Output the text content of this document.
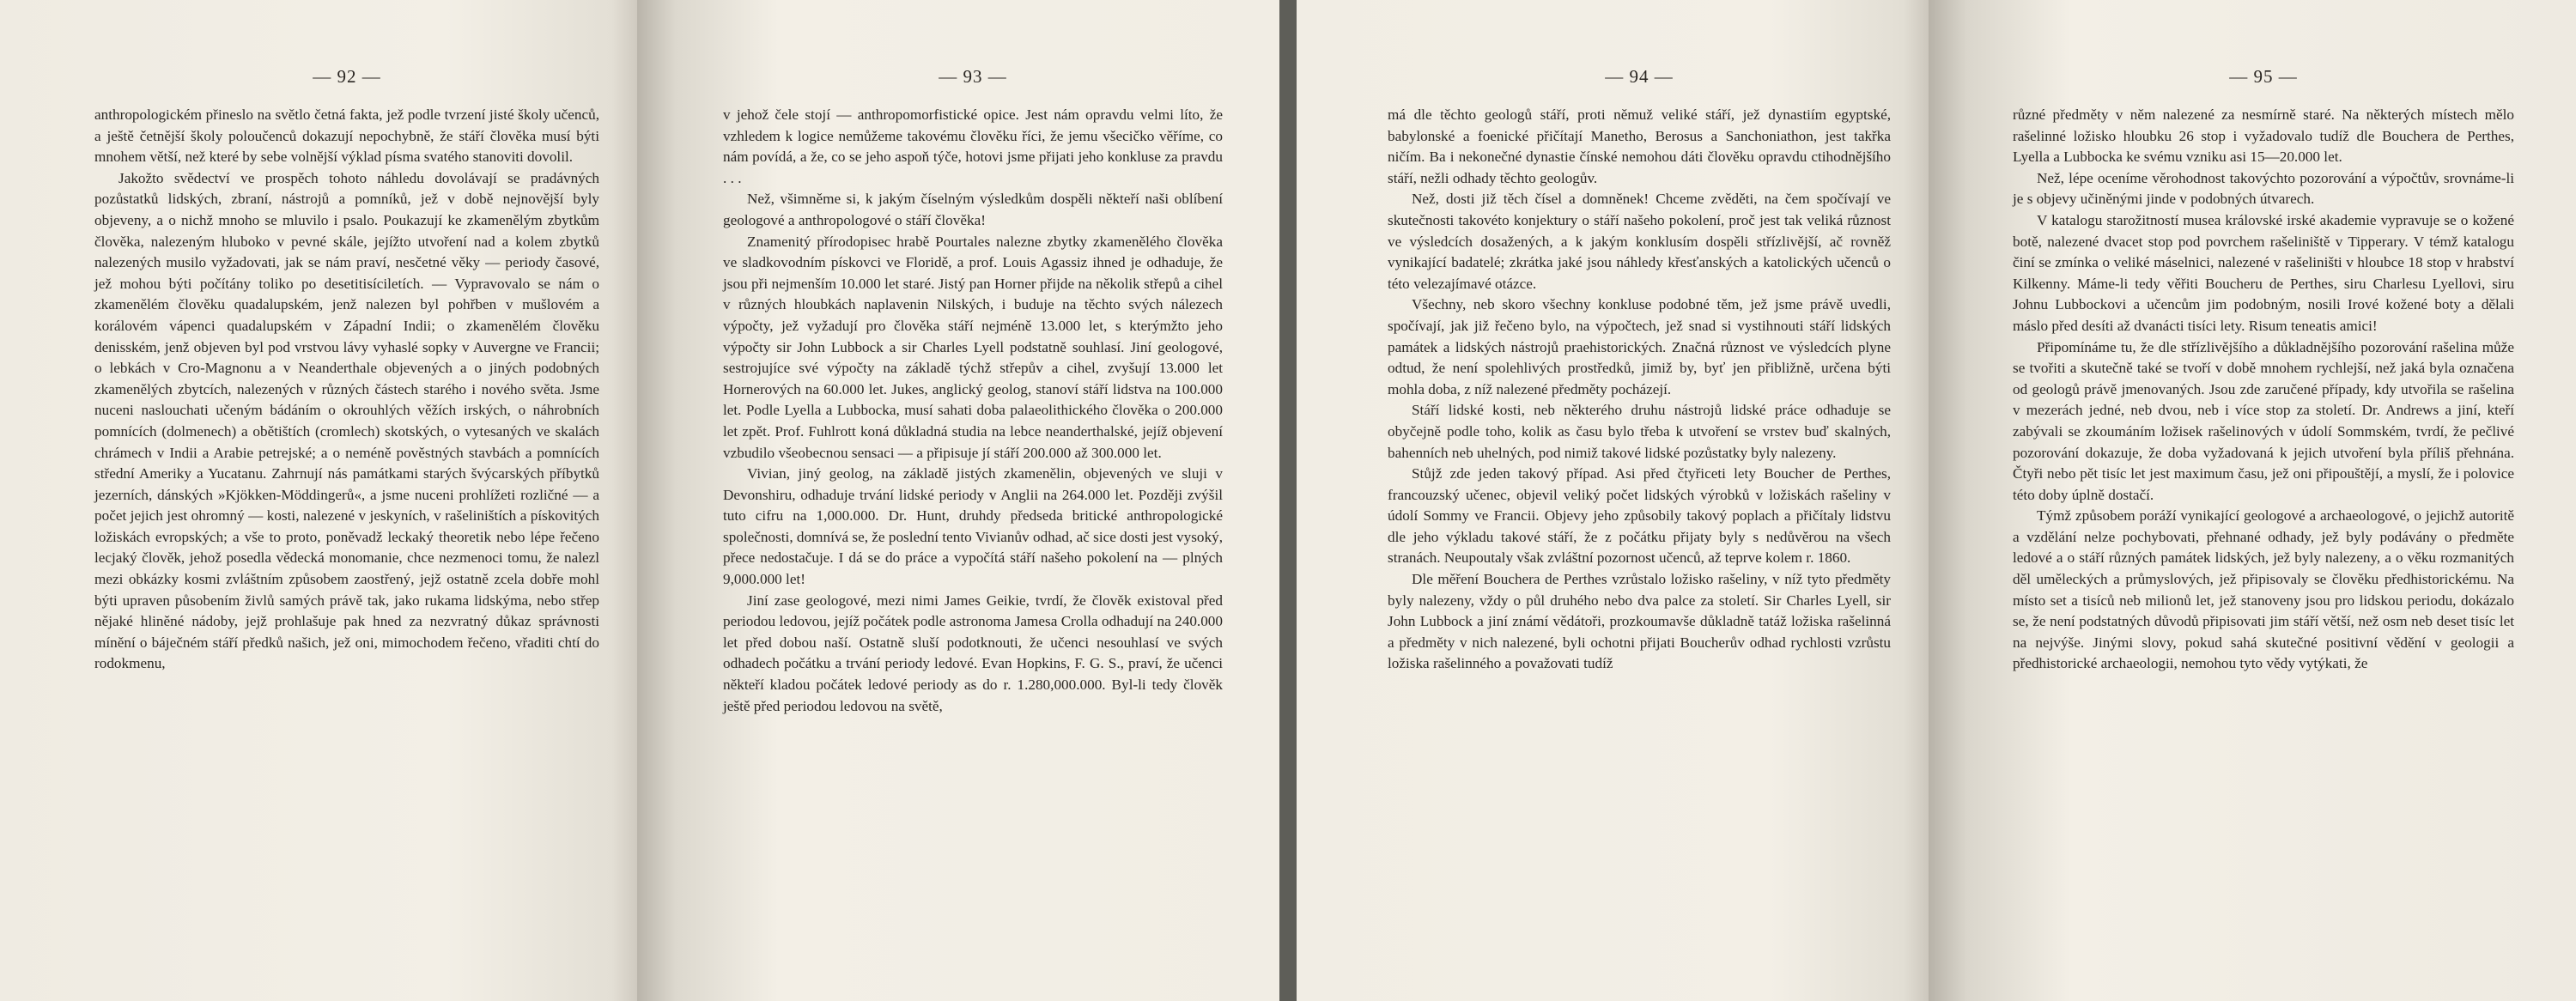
— 92 —

anthropologickém přineslo na světlo četná fakta, jež podle tvrzení jisté školy učenců, a ještě četnější školy poloučenců dokazují nepochybně, že stáří člověka musí býti mnohem větší, než které by sebe volnější výklad písma svatého stanoviti dovolil.

Jakožto svědectví ve prospěch tohoto náhledu dovolávají se pradávných pozůstatků lidských, zbraní, nástrojů a pomníků, jež v době nejnovější byly objeveny, a o nichž mnoho se mluvilo i psalo. Poukazují ke zkamenělým zbytkům člověka, nalezeným hluboko v pevné skále, jejížto utvoření nad a kolem zbytků nalezených musilo vyžadovati, jak se nám praví, nesčetné věky — periody časové, jež mohou býti počítány toliko po desetitisíciletích. — Vypravovalo se nám o zkamenělém člověku quadalupském, jenž nalezen byl pohřben v mušlovém a korálovém vápenci quadalupském v Západní Indii; o zkamenělém člověku denisském, jenž objeven byl pod vrstvou lávy vyhaslé sopky v Auvergne ve Francii; o lebkách v Cro-Magnonu a v Neanderthale objevených a o jiných podobných zkamenělých zbytcích, nalezených v různých částech starého i nového světa. Jsme nuceni naslouchati učeným bádáním o okrouhlých věžích irských, o náhrobních pomnících (dolmenech) a obětištích (cromlech) skotských, o vytesaných ve skalách chrámech v Indii a Arabie petrejské; a o neméně pověstných stavbách a pomnících střední Ameriky a Yucatanu. Zahrnují nás památkami starých švýcarských příbytků jezerních, dánských »Kjökken-Möddingerů«, a jsme nuceni prohlížeti rozličné — a počet jejich jest ohromný — kosti, nalezené v jeskyních, v rašeliništích a pískovitých ložiskách evropských; a vše to proto, poněvadž leckaký theoretik nebo lépe řečeno lecjaký člověk, jehož posedla vědecká monomanie, chce nezmenoci tomu, že nalezl mezi obkázky kosmi zvláštním způsobem zaostřený, jejž ostatně zcela dobře mohl býti upraven působením živlů samých právě tak, jako rukama lidskýma, nebo střep nějaké hliněné nádoby, jejž prohlašuje pak hned za nezvratný důkaz správnosti mínění o báječném stáří předků našich, jež oni, mimochodem řečeno, vřaditi chtí do rodokmenu,

— 93 —

v jehož čele stojí — anthropomorfistické opice. Jest nám opravdu velmi líto, že vzhledem k logice nemůžeme takovému člověku říci, že jemu všecičko věříme, co nám povídá, a že, co se jeho aspoň týče, hotovi jsme přijati jeho konkluse za pravdu . . .

Než, všimněme si, k jakým číselným výsledkům dospěli někteří naši oblíbení geologové a anthropologové o stáří člověka!

Znamenitý přírodopisec hrabě Pourtales nalezne zbytky zkamenělého člověka ve sladkovodním pískovci ve Floridě, a prof. Louis Agassiz ihned je odhaduje, že jsou při nejmenším 10.000 let staré. Jistý pan Horner přijde na několik střepů a cihel v různých hloubkách naplavenin Nilských, i buduje na těchto svých nálezech výpočty, jež vyžadují pro člověka stáří nejméně 13.000 let, s kterýmžto jeho výpočty sir John Lubbock a sir Charles Lyell podstatně souhlasí. Jiní geologové, sestrojujíce své výpočty na základě týchž střepův a cihel, zvyšují 13.000 let Hornerových na 60.000 let. Jukes, anglický geolog, stanoví stáří lidstva na 100.000 let. Podle Lyella a Lubbocka, musí sahati doba palaeolithického člověka o 200.000 let zpět. Prof. Fuhlrott koná důkladná studia na lebce neanderthalské, jejíž objevení vzbudilo všeobecnou sensaci — a připisuje jí stáří 200.000 až 300.000 let.

Vivian, jiný geolog, na základě jistých zkamenělin, objevených ve sluji v Devonshiru, odhaduje trvání lidské periody v Anglii na 264.000 let. Později zvýšil tuto cifru na 1,000.000. Dr. Hunt, druhdy předseda britické anthropologické společnosti, domnívá se, že poslední tento Vivianův odhad, ač sice dosti jest vysoký, přece nedostačuje. I dá se do práce a vypočítá stáří našeho pokolení na — plných 9,000.000 let!

Jiní zase geologové, mezi nimi James Geikie, tvrdí, že člověk existoval před periodou ledovou, jejíž počátek podle astronoma Jamesa Crolla odhadují na 240.000 let před dobou naší. Ostatně sluší podotknouti, že učenci nesouhlasí ve svých odhadech počátku a trvání periody ledové. Evan Hopkins, F. G. S., praví, že učenci někteří kladou počátek ledové periody as do r. 1.280,000.000. Byl-li tedy člověk ještě před periodou ledovou na světě,

— 94 —

má dle těchto geologů stáří, proti němuž veliké stáří, jež dynastiím egyptské, babylonské a foenické přičítají Manetho, Berosus a Sanchoniathon, jest takřka ničím. Ba i nekonečné dynastie čínské nemohou dáti člověku opravdu ctihodnějšího stáří, nežli odhady těchto geologův.

Než, dosti již těch čísel a domněnek! Chceme zvěděti, na čem spočívají ve skutečnosti takovéto konjektury o stáří našeho pokolení, proč jest tak veliká různost ve výsledcích dosažených, a k jakým konklusím dospěli střízlivější, ač rovněž vynikající badatelé; zkrátka jaké jsou náhledy křesťanských a katolických učenců o této velezajímavé otázce.

Všechny, neb skoro všechny konkluse podobné těm, jež jsme právě uvedli, spočívají, jak již řečeno bylo, na výpočtech, jež snad si vystihnouti stáří lidských památek a lidských nástrojů praehistorických. Značná různost ve výsledcích plyne odtud, že není spolehlivých prostředků, jimiž by, byť jen přibližně, určena býti mohla doba, z níž nalezené předměty pocházejí.

Stáří lidské kosti, neb některého druhu nástrojů lidské práce odhaduje se obyčejně podle toho, kolik as času bylo třeba k utvoření se vrstev buď skalných, bahenních neb uhelných, pod nimiž takové lidské pozůstatky byly nalezeny.

Stůjž zde jeden takový případ. Asi před čtyřiceti lety Boucher de Perthes, francouzský učenec, objevil veliký počet lidských výrobků v ložiskách rašeliny v údolí Sommy ve Francii. Objevy jeho způsobily takový poplach a přičítaly lidstvu dle jeho výkladu takové stáří, že z počátku přijaty byly s nedůvěrou na všech stranách. Neupoutaly však zvláštní pozornost učenců, až teprve kolem r. 1860.

Dle měření Bouchera de Perthes vzrůstalo ložisko rašeliny, v níž tyto předměty byly nalezeny, vždy o půl druhého nebo dva palce za století. Sir Charles Lyell, sir John Lubbock a jiní známí vědátoři, prozkoumavše důkladně tatáž ložiska rašelinná a předměty v nich nalezené, byli ochotni přijati Boucherův odhad rychlosti vzrůstu ložiska rašelinného a považovati tudíž

— 95 —

různé předměty v něm nalezené za nesmírně staré. Na některých místech mělo rašelinné ložisko hloubku 26 stop i vyžadovalo tudíž dle Bouchera de Perthes, Lyella a Lubbocka ke svému vzniku asi 15—20.000 let.

Než, lépe oceníme věrohodnost takovýchto pozorování a výpočtův, srovnáme-li je s objevy učiněnými jinde v podobných útvarech.

V katalogu starožitností musea královské irské akademie vypravuje se o kožené botě, nalezené dvacet stop pod povrchem rašeliniště v Tipperary. V témž katalogu činí se zmínka o veliké máselnici, nalezené v rašeliništi v hloubce 18 stop v hrabství Kilkenny. Máme-li tedy věřiti Boucheru de Perthes, siru Charlesu Lyellovi, siru Johnu Lubbockovi a učencům jim podobným, nosili Irové kožené boty a dělali máslo před desíti až dvanácti tisíci lety. Risum teneatis amici!

Připomínáme tu, že dle střízlivějšího a důkladnějšího pozorování rašelina může se tvořiti a skutečně také se tvoří v době mnohem rychlejší, než jaká byla označena od geologů právě jmenovaných. Jsou zde zaručené případy, kdy utvořila se rašelina v mezerách jedné, neb dvou, neb i více stop za století. Dr. Andrews a jiní, kteří zabývali se zkoumáním ložisek rašelinových v údolí Sommském, tvrdí, že pečlivé pozorování dokazuje, že doba vyžadovaná k jejich utvoření byla příliš přehnána. Čtyři nebo pět tisíc let jest maximum času, jež oni připouštějí, a myslí, že i polovice této doby úplně dostačí.

Týmž způsobem poráží vynikající geologové a archaeologové, o jejichž autoritě a vzdělání nelze pochybovati, přehnané odhady, jež byly podávány o předměte ledové a o stáří různých památek lidských, jež byly nalezeny, a o věku rozmanitých děl uměleckých a průmyslových, jež připisovaly se člověku předhistorickému. Na místo set a tisíců neb milionů let, jež stanoveny jsou pro lidskou periodu, dokázalo se, že není podstatných důvodů připisovati jim stáří větší, než osm neb deset tisíc let na nejvýše. Jinými slovy, pokud sahá skutečné positivní vědění v geologii a předhistorické archaeologii, nemohou tyto vědy vytýkati, že
